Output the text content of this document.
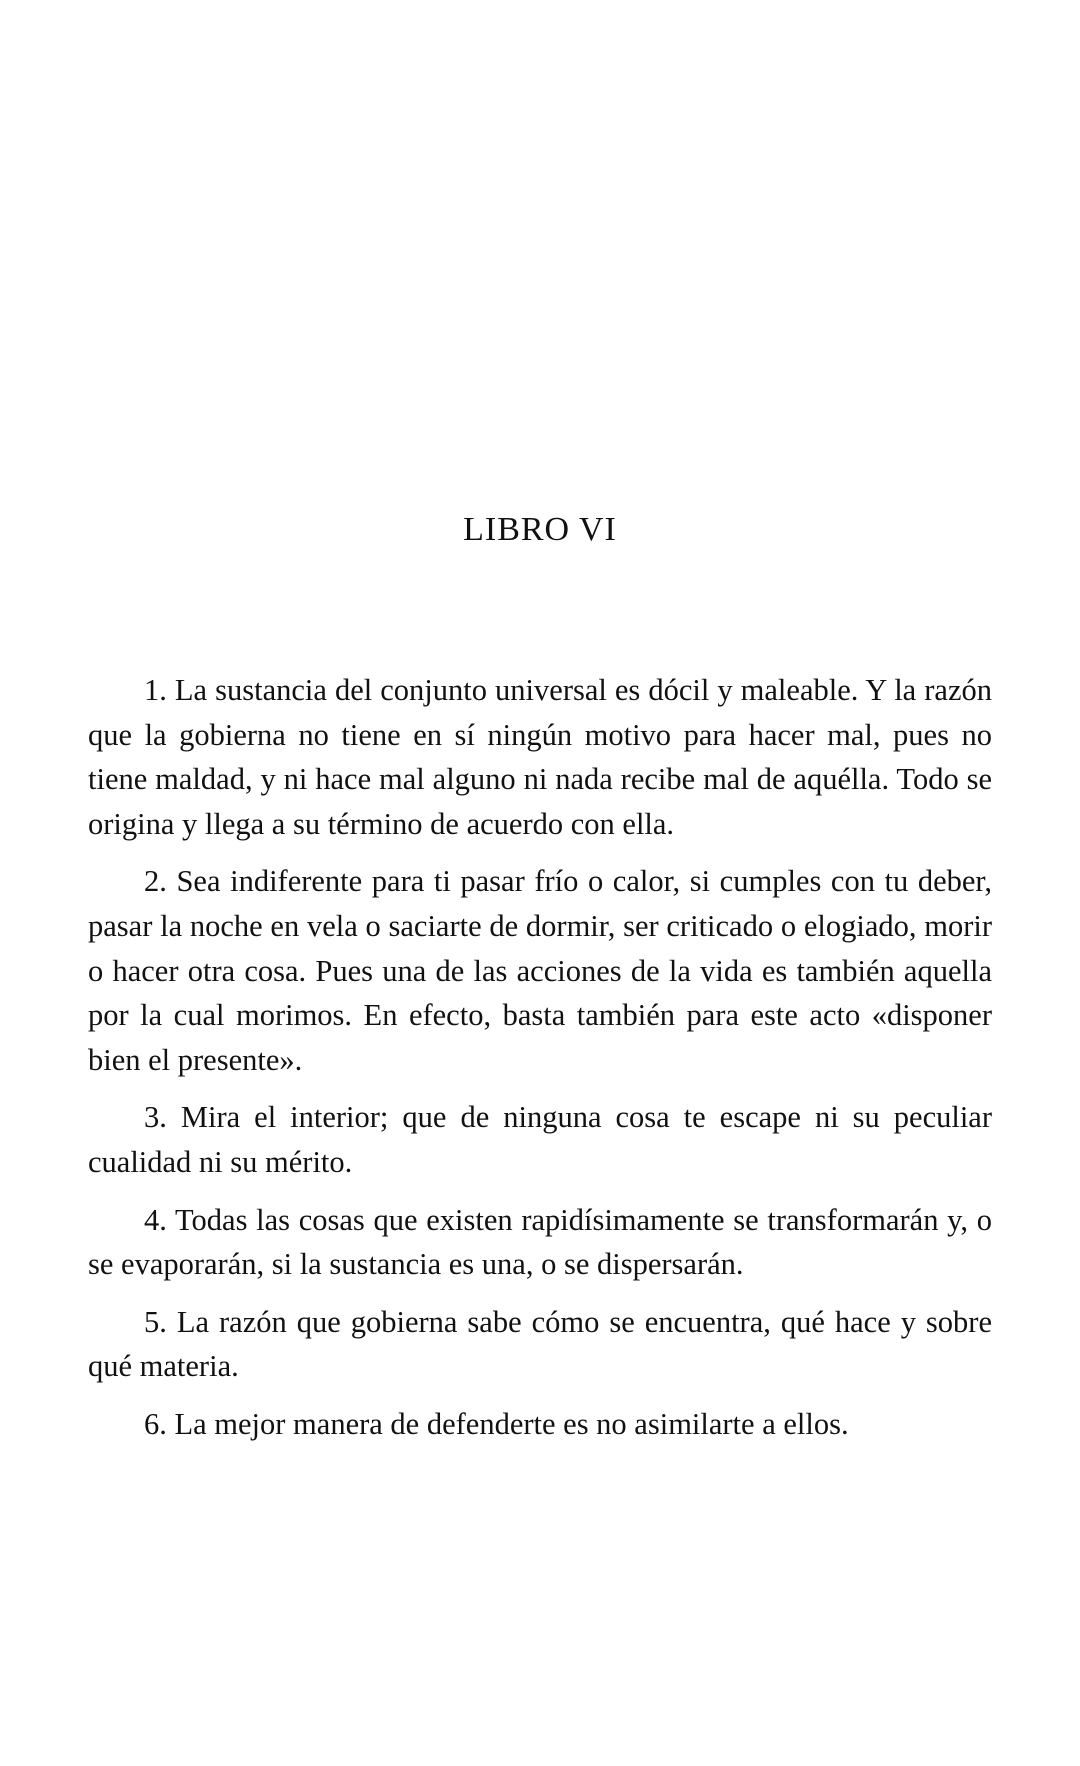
LIBRO VI

1. La sustancia del conjunto universal es dócil y maleable. Y la razón que la gobierna no tiene en sí ningún motivo para hacer mal, pues no tiene maldad, y ni hace mal alguno ni nada recibe mal de aquélla. Todo se origina y llega a su término de acuerdo con ella.

2. Sea indiferente para ti pasar frío o calor, si cumples con tu deber, pasar la noche en vela o saciarte de dormir, ser criticado o elogiado, morir o hacer otra cosa. Pues una de las acciones de la vida es también aquella por la cual morimos. En efecto, basta también para este acto «disponer bien el presente».

3. Mira el interior; que de ninguna cosa te escape ni su peculiar cualidad ni su mérito.

4. Todas las cosas que existen rapidísimamente se transformarán y, o se evaporarán, si la sustancia es una, o se dispersarán.

5. La razón que gobierna sabe cómo se encuentra, qué hace y sobre qué materia.

6. La mejor manera de defenderte es no asimilarte a ellos.
